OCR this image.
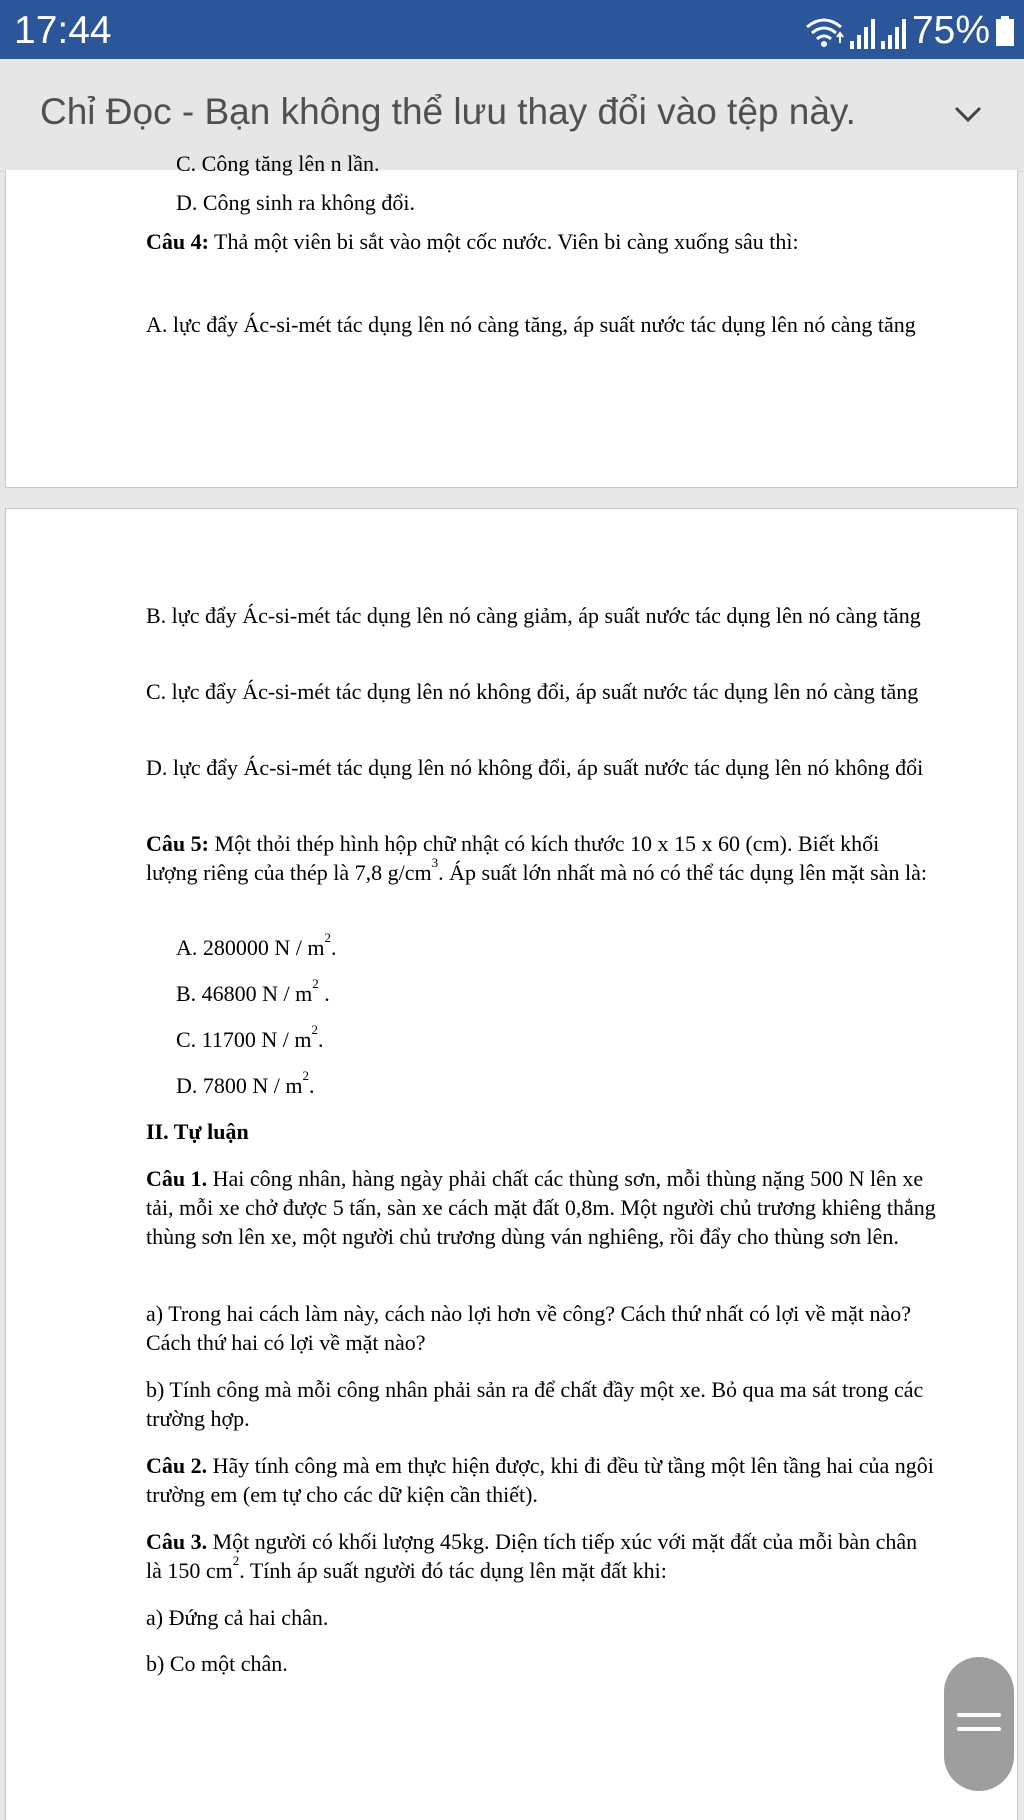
17:44	75%
Chỉ Đọc - Bạn không thể lưu thay đổi vào tệp này.
C. Công tăng lên n lần.
D. Công sinh ra không đổi.
Câu 4: Thả một viên bi sắt vào một cốc nước. Viên bi càng xuống sâu thì:
A. lực đẩy Ác-si-mét tác dụng lên nó càng tăng, áp suất nước tác dụng lên nó càng tăng
B. lực đẩy Ác-si-mét tác dụng lên nó càng giảm, áp suất nước tác dụng lên nó càng tăng
C. lực đẩy Ác-si-mét tác dụng lên nó không đổi, áp suất nước tác dụng lên nó càng tăng
D. lực đẩy Ác-si-mét tác dụng lên nó không đổi, áp suất nước tác dụng lên nó không đổi
Câu 5: Một thỏi thép hình hộp chữ nhật có kích thước 10 x 15 x 60 (cm). Biết khối lượng riêng của thép là 7,8 $g/cm^3$. Áp suất lớn nhất mà nó có thể tác dụng lên mặt sàn là:
A. 280000 N / $m^2$.
B. 46800 N / $m^2$ .
C. 11700 N / $m^2$.
D. 7800 N / $m^2$.
II. Tự luận
Câu 1. Hai công nhân, hàng ngày phải chất các thùng sơn, mỗi thùng nặng 500 N lên xe tải, mỗi xe chở được 5 tấn, sàn xe cách mặt đất 0,8m. Một người chủ trương khiêng thẳng thùng sơn lên xe, một người chủ trương dùng ván nghiêng, rồi đẩy cho thùng sơn lên.
a) Trong hai cách làm này, cách nào lợi hơn về công? Cách thứ nhất có lợi về mặt nào? Cách thứ hai có lợi về mặt nào?
b) Tính công mà mỗi công nhân phải sản ra để chất đầy một xe. Bỏ qua ma sát trong các trường hợp.
Câu 2. Hãy tính công mà em thực hiện được, khi đi đều từ tầng một lên tầng hai của ngôi trường em (em tự cho các dữ kiện cần thiết).
Câu 3. Một người có khối lượng 45kg. Diện tích tiếp xúc với mặt đất của mỗi bàn chân là 150 $cm^2$. Tính áp suất người đó tác dụng lên mặt đất khi:
a) Đứng cả hai chân.
b) Co một chân.
